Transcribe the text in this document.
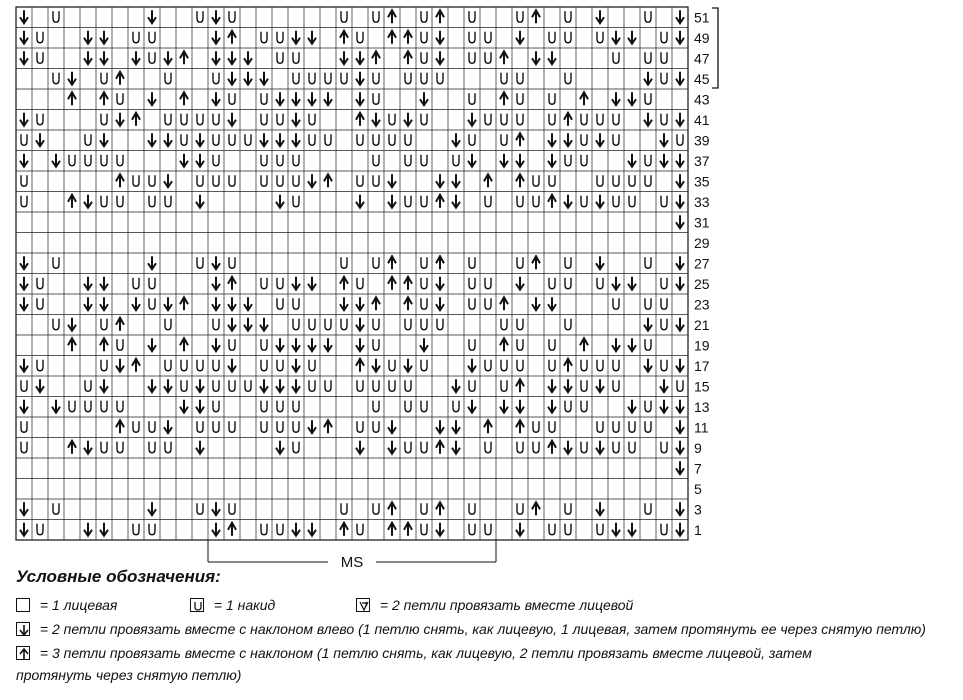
51
49
47
45
43
41
39
37
35
33
31
29
27
25
23
21
19
17
15
13
11
9
7
5
3
1
MS
Условные обозначения:
= 1 лицевая	= 1 накид	= 2 петли провязать вместе лицевой
= 2 петли провязать вместе с наклоном влево (1 петлю снять, как лицевую, 1 лицевая, затем протянуть ее через снятую петлю)
= 3 петли провязать вместе с наклоном (1 петлю снять, как лицевую, 2 петли провязать вместе лицевой, затем
протянуть через снятую петлю)
